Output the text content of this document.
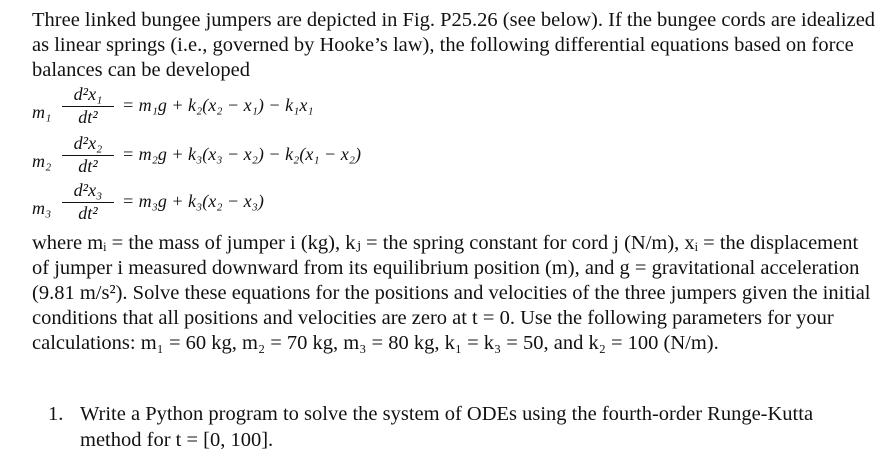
Three linked bungee jumpers are depicted in Fig. P25.26 (see below). If the bungee cords are idealized as linear springs (i.e., governed by Hooke’s law), the following differential equations based on force balances can be developed

m₁
d²x₁
dt²
= m₁g + k₂(x₂ − x₁) − k₁x₁
m₂
d²x₂
dt²
= m₂g + k₃(x₃ − x₂) − k₂(x₁ − x₂)
m₃
d²x₃
dt²
= m₃g + k₃(x₂ − x₃)

where mᵢ = the mass of jumper i (kg), kⱼ = the spring constant for cord j (N/m), xᵢ = the displacement of jumper i measured downward from its equilibrium position (m), and g = gravitational acceleration (9.81 m/s²). Solve these equations for the positions and velocities of the three jumpers given the initial conditions that all positions and velocities are zero at t = 0. Use the following parameters for your calculations: m₁ = 60 kg, m₂ = 70 kg, m₃ = 80 kg, k₁ = k₃ = 50, and k₂ = 100 (N/m).

1. Write a Python program to solve the system of ODEs using the fourth-order Runge-Kutta method for t = [0, 100].
